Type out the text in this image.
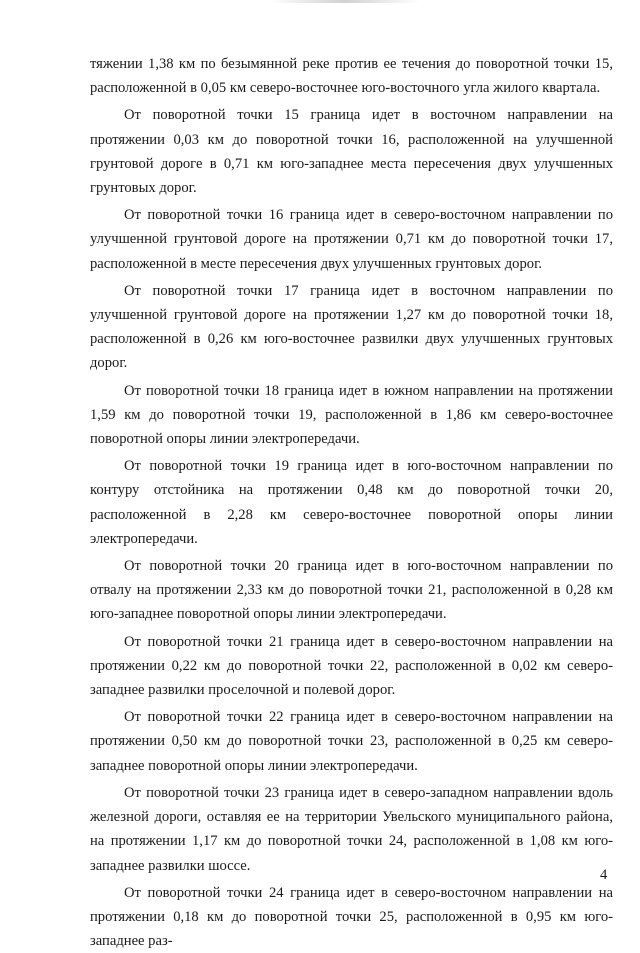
тяжении 1,38 км по безымянной реке против ее течения до поворотной точки 15, расположенной в 0,05 км северо-восточнее юго-восточного угла жилого квартала.

От поворотной точки 15 граница идет в восточном направлении на протяжении 0,03 км до поворотной точки 16, расположенной на улучшенной грунтовой дороге в 0,71 км юго-западнее места пересечения двух улучшенных грунтовых дорог.

От поворотной точки 16 граница идет в северо-восточном направлении по улучшенной грунтовой дороге на протяжении 0,71 км до поворотной точки 17, расположенной в месте пересечения двух улучшенных грунтовых дорог.

От поворотной точки 17 граница идет в восточном направлении по улучшенной грунтовой дороге на протяжении 1,27 км до поворотной точки 18, расположенной в 0,26 км юго-восточнее развилки двух улучшенных грунтовых дорог.

От поворотной точки 18 граница идет в южном направлении на протяжении 1,59 км до поворотной точки 19, расположенной в 1,86 км северо-восточнее поворотной опоры линии электропередачи.

От поворотной точки 19 граница идет в юго-восточном направлении по контуру отстойника на протяжении 0,48 км до поворотной точки 20, расположенной в 2,28 км северо-восточнее поворотной опоры линии электропередачи.

От поворотной точки 20 граница идет в юго-восточном направлении по отвалу на протяжении 2,33 км до поворотной точки 21, расположенной в 0,28 км юго-западнее поворотной опоры линии электропередачи.

От поворотной точки 21 граница идет в северо-восточном направлении на протяжении 0,22 км до поворотной точки 22, расположенной в 0,02 км северо-западнее развилки проселочной и полевой дорог.

От поворотной точки 22 граница идет в северо-восточном направлении на протяжении 0,50 км до поворотной точки 23, расположенной в 0,25 км северо-западнее поворотной опоры линии электропередачи.

От поворотной точки 23 граница идет в северо-западном направлении вдоль железной дороги, оставляя ее на территории Увельского муниципального района, на протяжении 1,17 км до поворотной точки 24, расположенной в 1,08 км юго-западнее развилки шоссе.

От поворотной точки 24 граница идет в северо-восточном направлении на протяжении 0,18 км до поворотной точки 25, расположенной в 0,95 км юго-западнее раз-

4
